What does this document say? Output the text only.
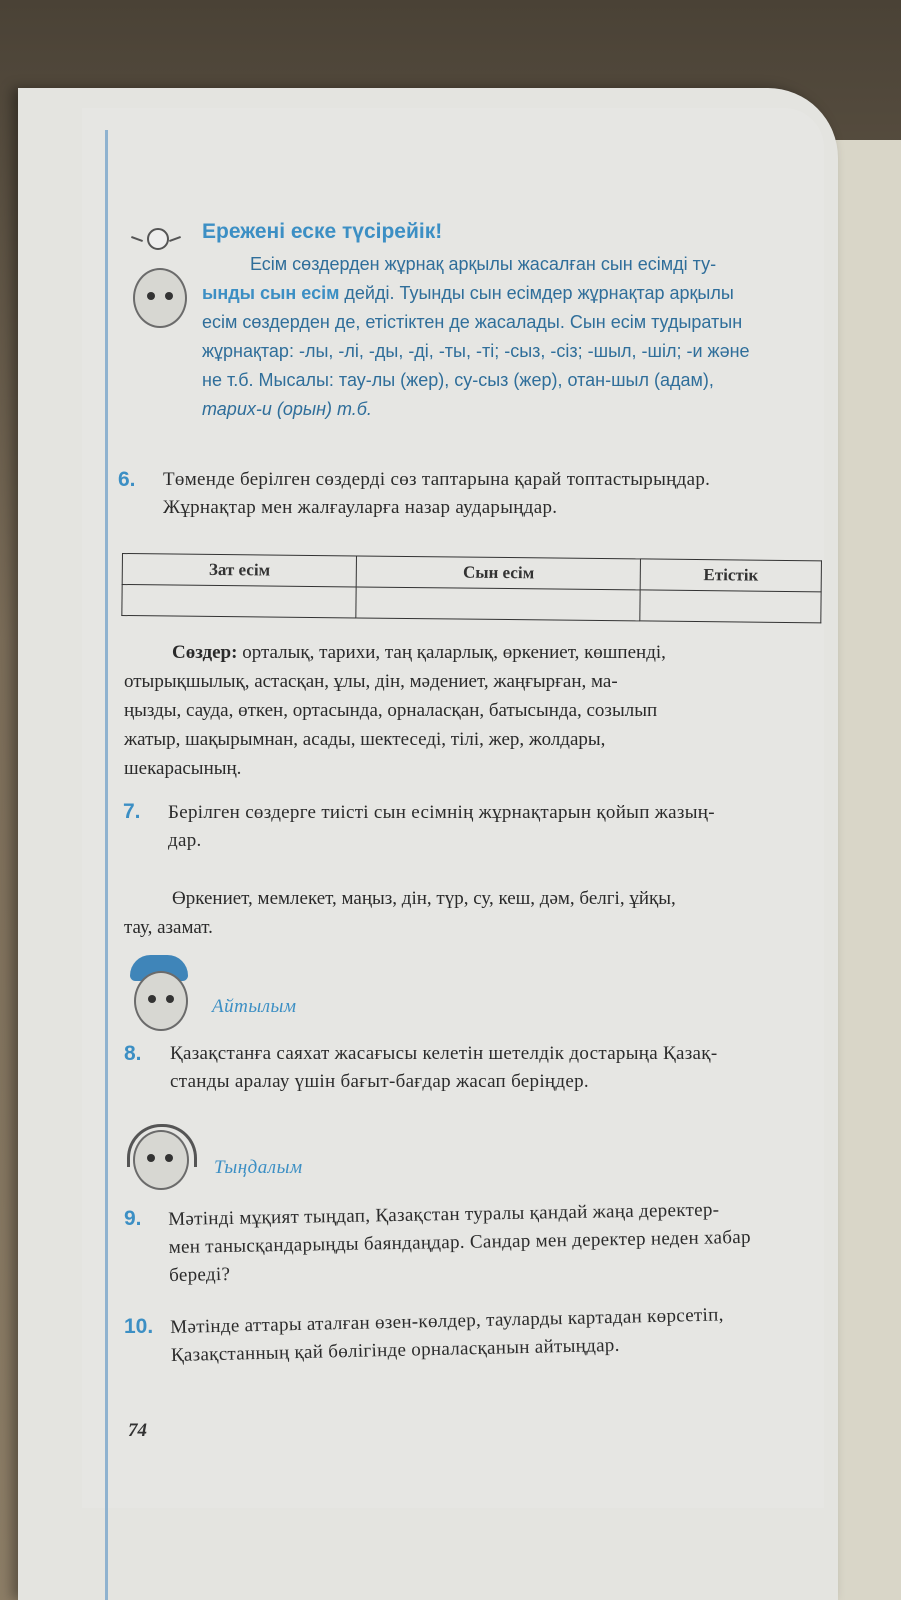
Ережені еске түсірейік!
Есім сөздерден жұрнақ арқылы жасалған сын есімді ту-
ынды сын есім дейді. Туынды сын есімдер жұрнақтар арқылы
есім сөздерден де, етістіктен де жасалады. Сын есім тудыратын
жұрнақтар: -лы, -лі, -ды, -ді, -ты, -ті; -сыз, -сіз; -шыл, -шіл; -и және
не т.б. Мысалы: тау-лы (жер), су-сыз (жер), отан-шыл (адам),
тарих-и (орын) т.б.
6. Төменде берілген сөздерді сөз таптарына қарай топтастырыңдар.
Жұрнақтар мен жалғауларға назар аударыңдар.
Зат есім	Сын есім	Етістік

Сөздер: орталық, тарихи, таң қаларлық, өркениет, көшпенді,
отырықшылық, астасқан, ұлы, дін, мәдениет, жаңғырған, ма-
ңызды, сауда, өткен, ортасында, орналасқан, батысында, созылып
жатыр, шақырымнан, асады, шектеседі, тілі, жер, жолдары,
шекарасының.
7. Берілген сөздерге тиісті сын есімнің жұрнақтарын қойып жазың-
дар.
Өркениет, мемлекет, маңыз, дін, түр, су, кеш, дәм, белгі, ұйқы,
тау, азамат.
Айтылым
8. Қазақстанға саяхат жасағысы келетін шетелдік достарыңа Қазақ-
станды аралау үшін бағыт-бағдар жасап беріңдер.
Тыңдалым
9. Мәтінді мұқият тыңдап, Қазақстан туралы қандай жаңа деректер-
мен танысқандарыңды баяндаңдар. Сандар мен деректер неден хабар
береді?
10. Мәтінде аттары аталған өзен-көлдер, тауларды картадан көрсетіп,
Қазақстанның қай бөлігінде орналасқанын айтыңдар.
74
